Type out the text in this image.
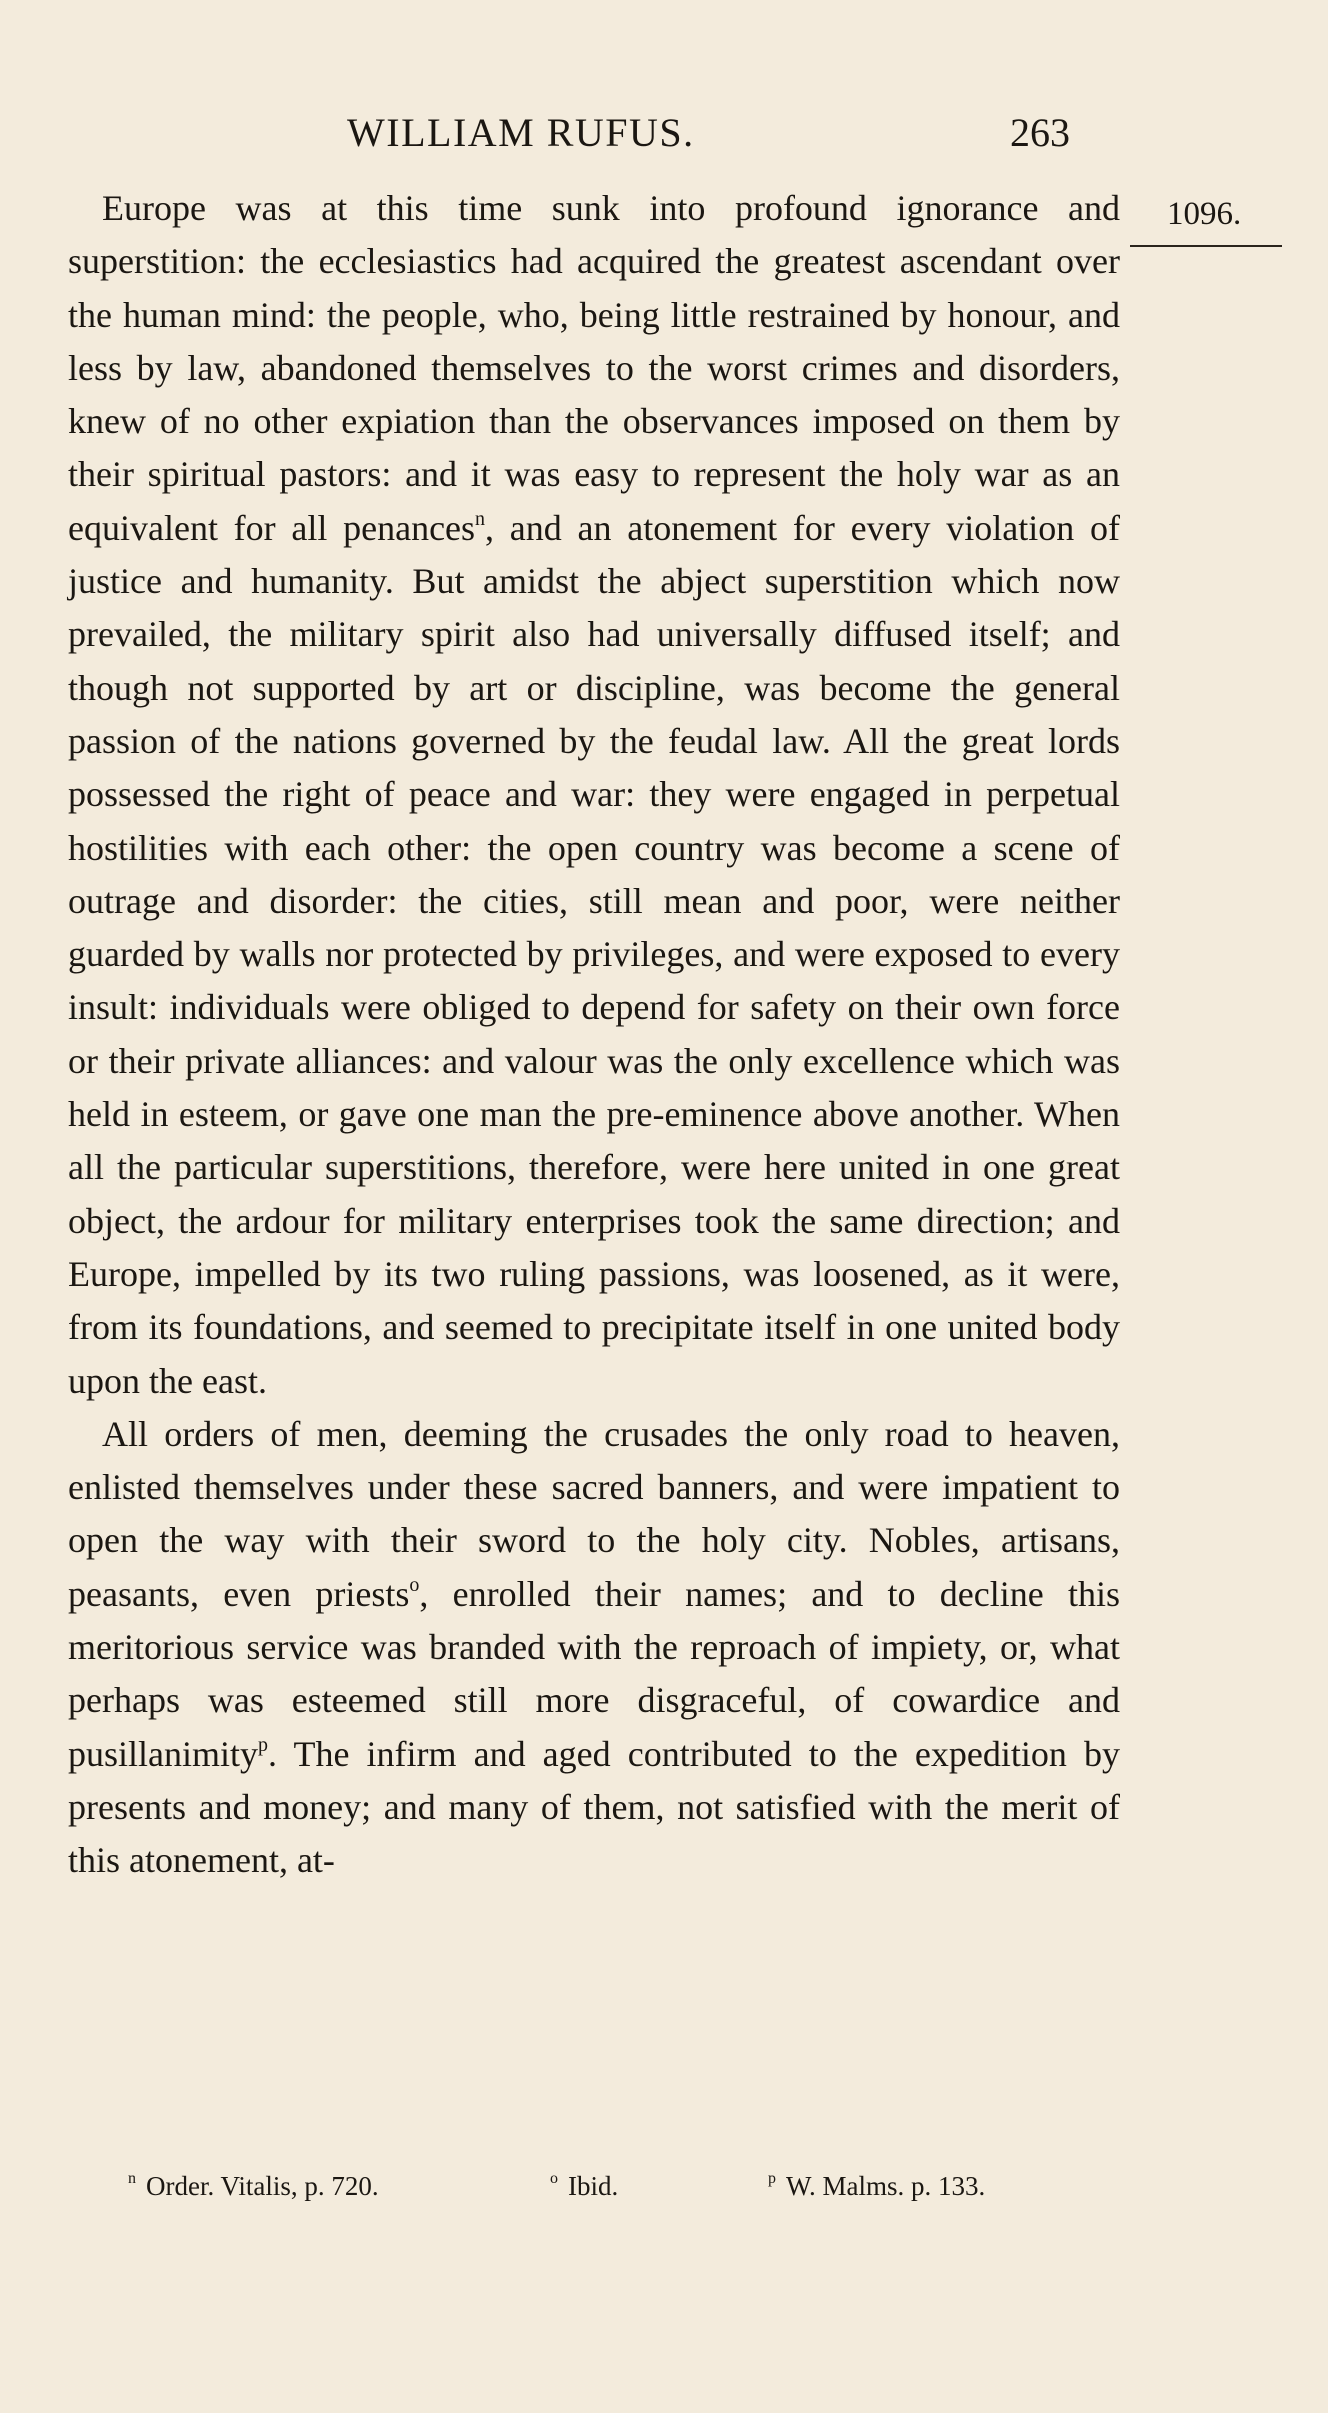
WILLIAM RUFUS.	263
1096.

Europe was at this time sunk into profound ignorance and superstition: the ecclesiastics had acquired the greatest ascendant over the human mind: the people, who, being little restrained by honour, and less by law, abandoned themselves to the worst crimes and disorders, knew of no other expiation than the observances imposed on them by their spiritual pastors: and it was easy to represent the holy war as an equivalent for all penances$^n$, and an atonement for every violation of justice and humanity. But amidst the abject superstition which now prevailed, the military spirit also had universally diffused itself; and though not supported by art or discipline, was become the general passion of the nations governed by the feudal law. All the great lords possessed the right of peace and war: they were engaged in perpetual hostilities with each other: the open country was become a scene of outrage and disorder: the cities, still mean and poor, were neither guarded by walls nor protected by privileges, and were exposed to every insult: individuals were obliged to depend for safety on their own force or their private alliances: and valour was the only excellence which was held in esteem, or gave one man the pre-eminence above another. When all the particular superstitions, therefore, were here united in one great object, the ardour for military enterprises took the same direction; and Europe, impelled by its two ruling passions, was loosened, as it were, from its foundations, and seemed to precipitate itself in one united body upon the east.

All orders of men, deeming the crusades the only road to heaven, enlisted themselves under these sacred banners, and were impatient to open the way with their sword to the holy city. Nobles, artisans, peasants, even priests$^o$, enrolled their names; and to decline this meritorious service was branded with the reproach of impiety, or, what perhaps was esteemed still more disgraceful, of cowardice and pusillanimity$^p$. The infirm and aged contributed to the expedition by presents and money; and many of them, not satisfied with the merit of this atonement, at-

$^n$ Order. Vitalis, p. 720.	$^o$ Ibid.	$^p$ W. Malms. p. 133.
